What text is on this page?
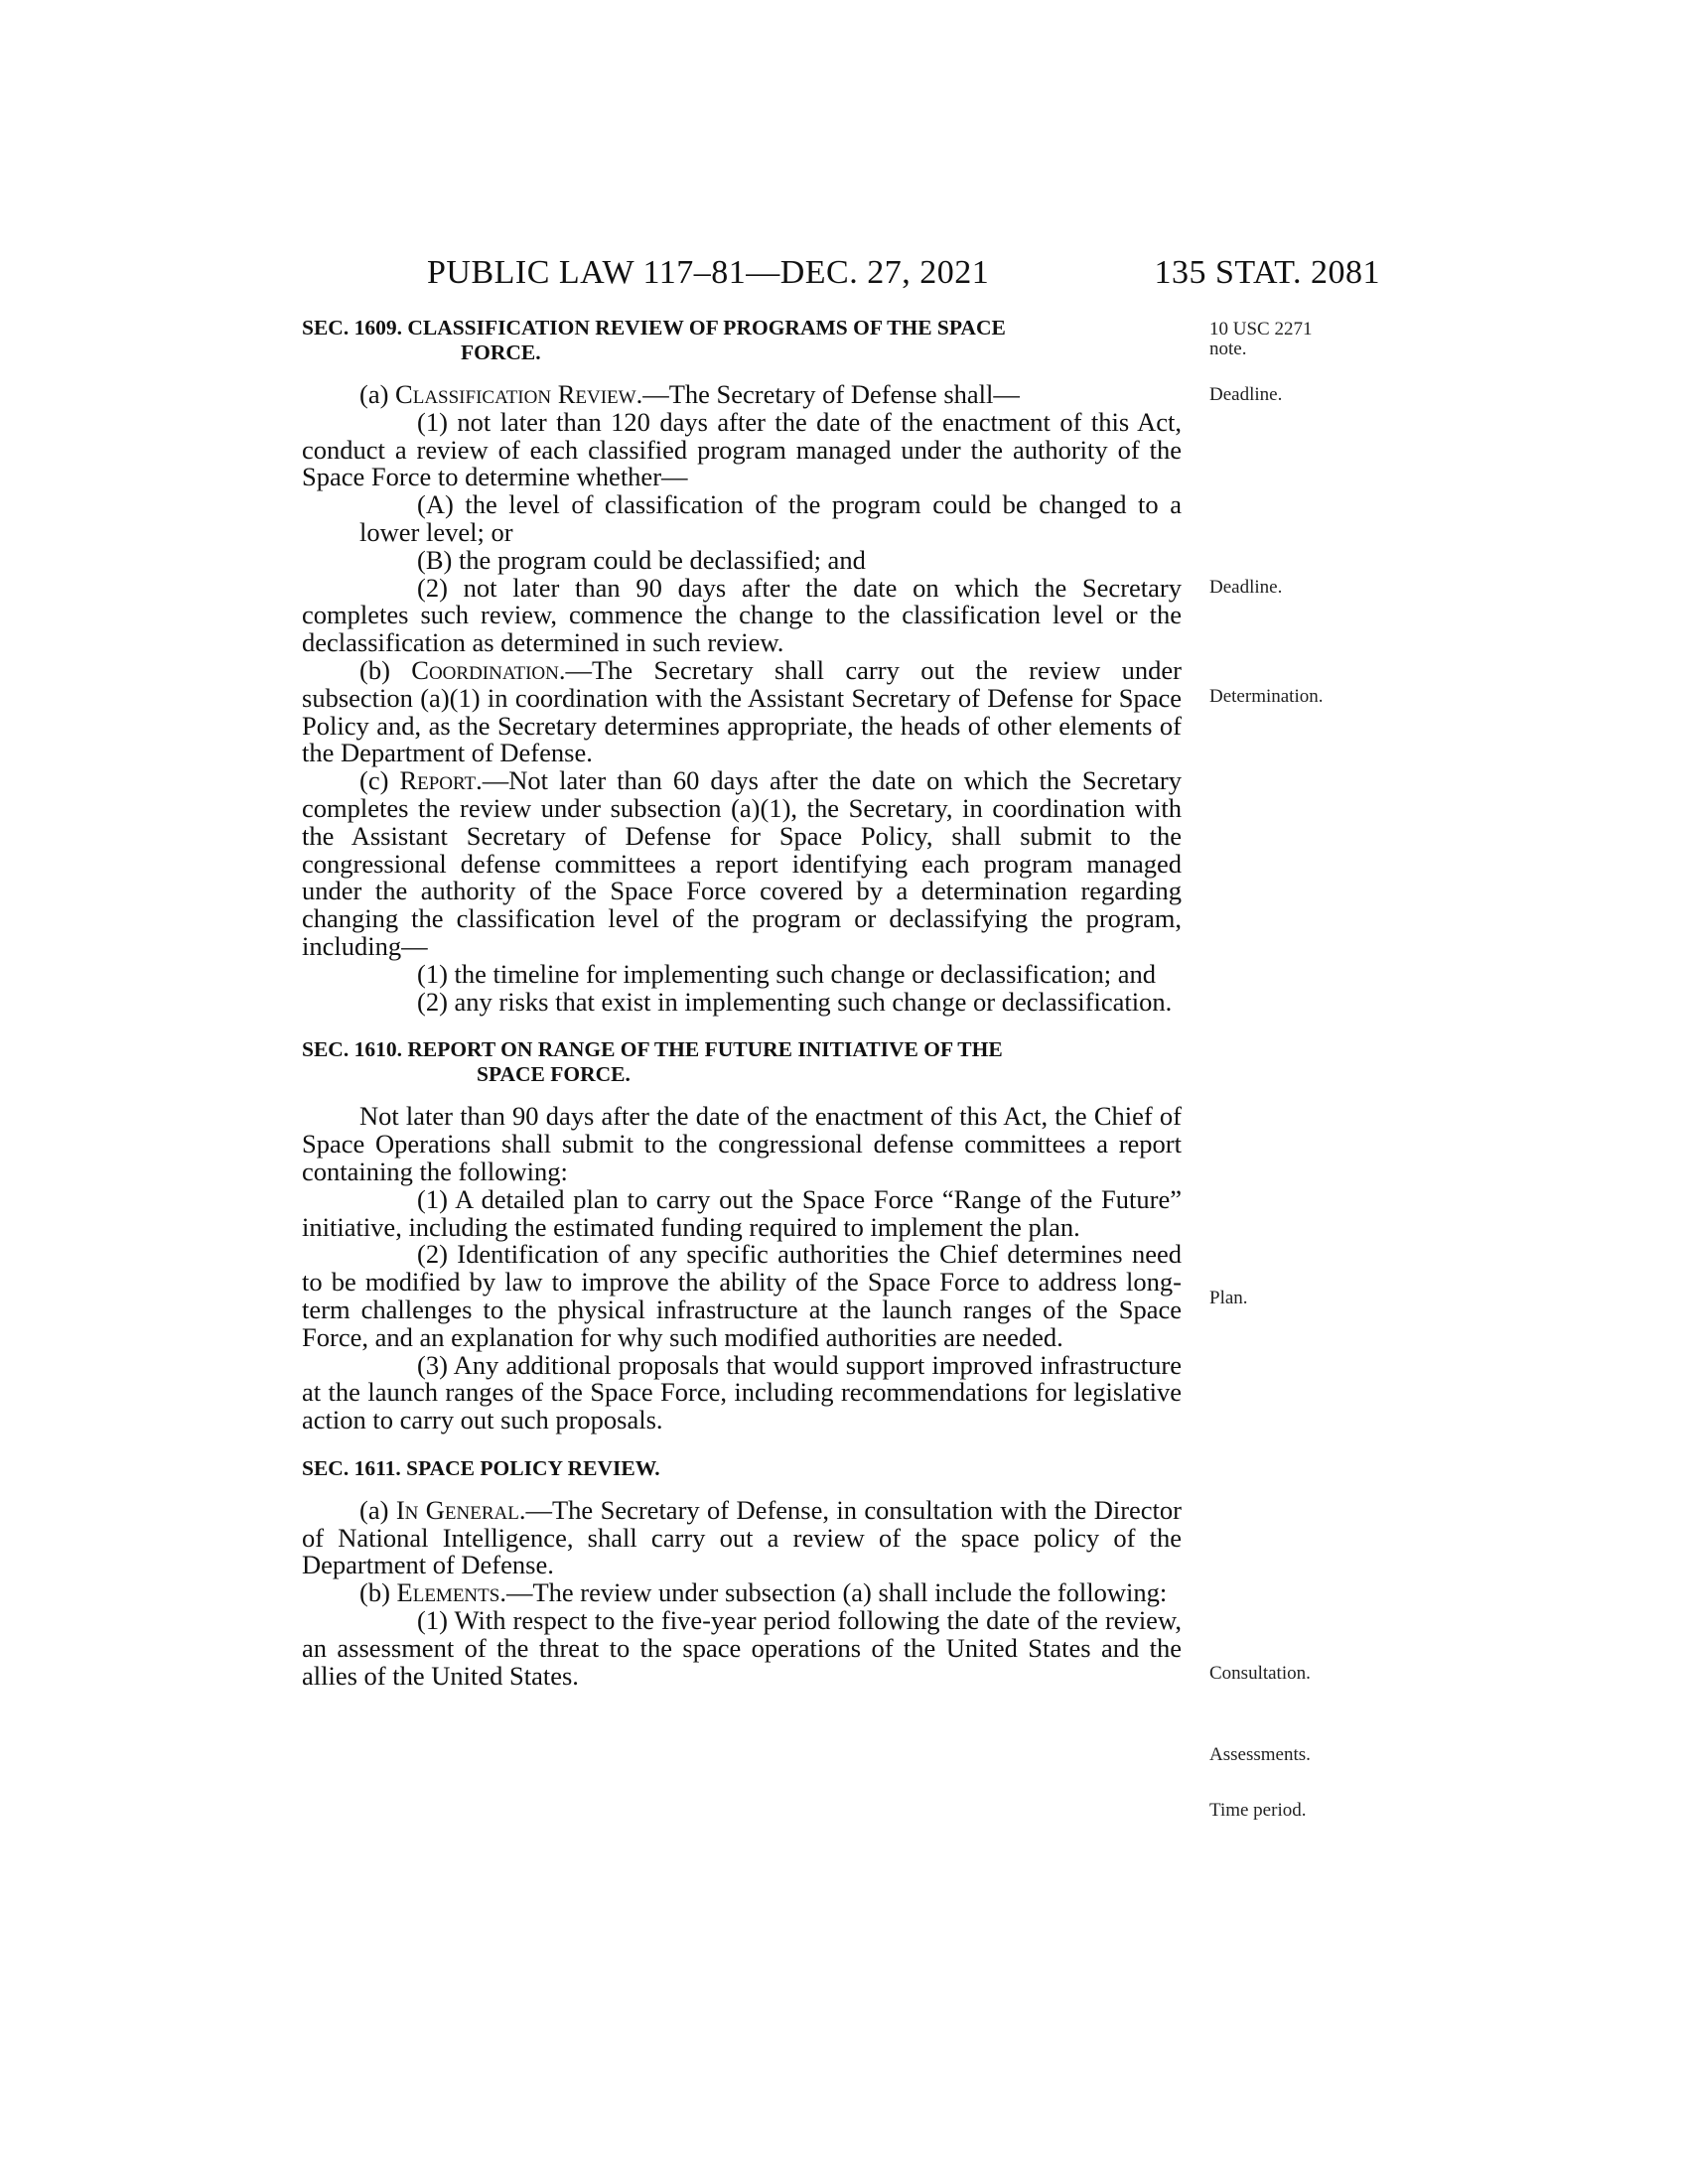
PUBLIC LAW 117–81—DEC. 27, 2021	135 STAT. 2081
10 USC 2271
note.
Deadline.
Deadline.
Determination.
Plan.
Consultation.
Assessments.
Time period.

SEC. 1609. CLASSIFICATION REVIEW OF PROGRAMS OF THE SPACE
FORCE.

(a) Classification Review.—The Secretary of Defense shall—

(1) not later than 120 days after the date of the enactment of this Act, conduct a review of each classified program managed under the authority of the Space Force to determine whether—

(A) the level of classification of the program could be changed to a lower level; or

(B) the program could be declassified; and

(2) not later than 90 days after the date on which the Secretary completes such review, commence the change to the classification level or the declassification as determined in such review.

(b) Coordination.—The Secretary shall carry out the review under subsection (a)(1) in coordination with the Assistant Secretary of Defense for Space Policy and, as the Secretary determines appropriate, the heads of other elements of the Department of Defense.

(c) Report.—Not later than 60 days after the date on which the Secretary completes the review under subsection (a)(1), the Secretary, in coordination with the Assistant Secretary of Defense for Space Policy, shall submit to the congressional defense committees a report identifying each program managed under the authority of the Space Force covered by a determination regarding changing the classification level of the program or declassifying the program, including—

(1) the timeline for implementing such change or declassification; and

(2) any risks that exist in implementing such change or declassification.

SEC. 1610. REPORT ON RANGE OF THE FUTURE INITIATIVE OF THE
SPACE FORCE.

Not later than 90 days after the date of the enactment of this Act, the Chief of Space Operations shall submit to the congressional defense committees a report containing the following:

(1) A detailed plan to carry out the Space Force “Range of the Future” initiative, including the estimated funding required to implement the plan.

(2) Identification of any specific authorities the Chief determines need to be modified by law to improve the ability of the Space Force to address long-term challenges to the physical infrastructure at the launch ranges of the Space Force, and an explanation for why such modified authorities are needed.

(3) Any additional proposals that would support improved infrastructure at the launch ranges of the Space Force, including recommendations for legislative action to carry out such proposals.

SEC. 1611. SPACE POLICY REVIEW.

(a) In General.—The Secretary of Defense, in consultation with the Director of National Intelligence, shall carry out a review of the space policy of the Department of Defense.

(b) Elements.—The review under subsection (a) shall include the following:

(1) With respect to the five-year period following the date of the review, an assessment of the threat to the space operations of the United States and the allies of the United States.
